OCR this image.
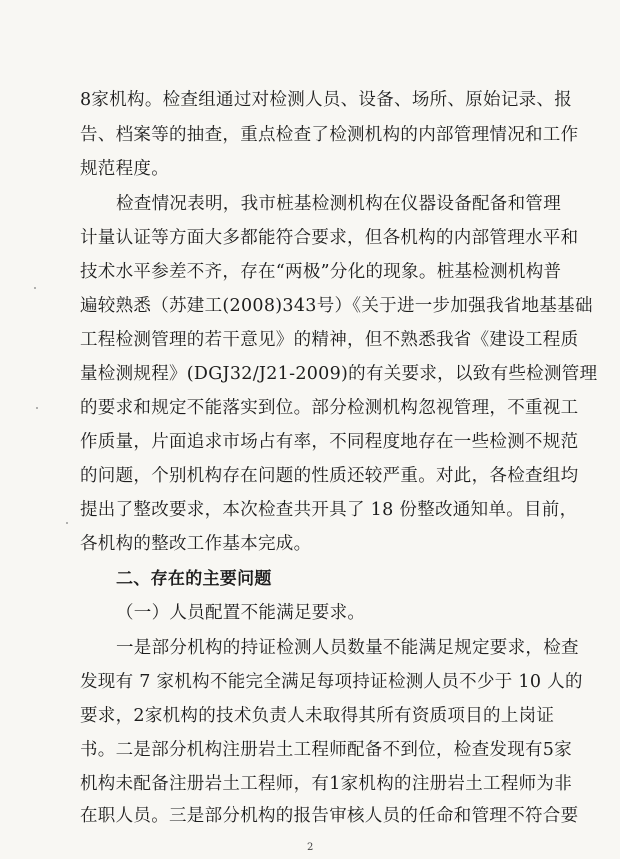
8家机构。检查组通过对检测人员、设备、场所、原始记录、报
告、档案等的抽查，重点检查了检测机构的内部管理情况和工作
规范程度。
检查情况表明，我市桩基检测机构在仪器设备配备和管理
计量认证等方面大多都能符合要求，但各机构的内部管理水平和
技术水平参差不齐，存在“两极”分化的现象。桩基检测机构普
遍较熟悉（苏建工(2008)343号）《关于进一步加强我省地基基础
工程检测管理的若干意见》的精神，但不熟悉我省《建设工程质
量检测规程》(DGJ32/J21-2009)的有关要求，以致有些检测管理
的要求和规定不能落实到位。部分检测机构忽视管理，不重视工
作质量，片面追求市场占有率，不同程度地存在一些检测不规范
的问题，个别机构存在问题的性质还较严重。对此，各检查组均
提出了整改要求，本次检查共开具了 18 份整改通知单。目前，
各机构的整改工作基本完成。
二、存在的主要问题
（一）人员配置不能满足要求。
一是部分机构的持证检测人员数量不能满足规定要求，检查
发现有 7 家机构不能完全满足每项持证检测人员不少于 10 人的
要求，2家机构的技术负责人未取得其所有资质项目的上岗证
书。二是部分机构注册岩土工程师配备不到位，检查发现有5家
机构未配备注册岩土工程师，有1家机构的注册岩土工程师为非
在职人员。三是部分机构的报告审核人员的任命和管理不符合要
2
